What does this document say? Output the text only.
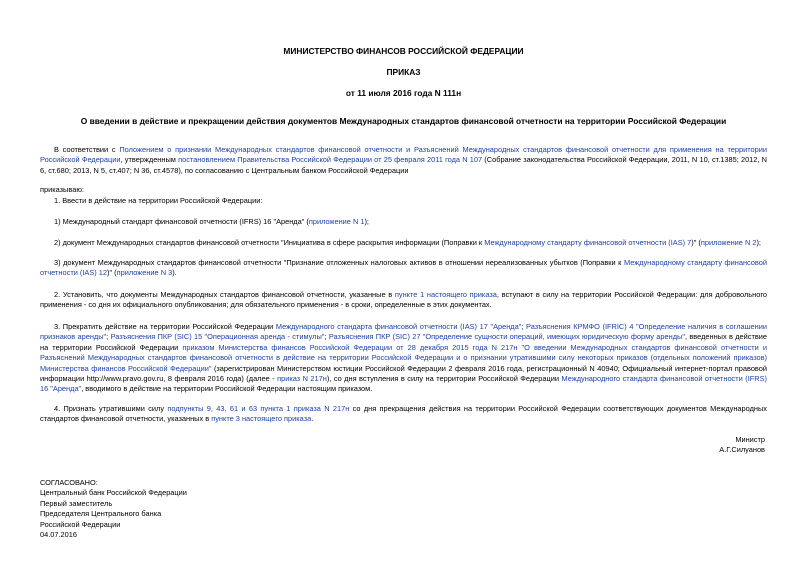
МИНИСТЕРСТВО ФИНАНСОВ РОССИЙСКОЙ ФЕДЕРАЦИИ
ПРИКАЗ
от 11 июля 2016 года N 111н
О введении в действие и прекращении действия документов Международных стандартов финансовой отчетности на территории Российской Федерации
В соответствии с Положением о признании Международных стандартов финансовой отчетности и Разъяснений Международных стандартов финансовой отчетности для применения на территории Российской Федерации, утвержденным постановлением Правительства Российской Федерации от 25 февраля 2011 года N 107 (Собрание законодательства Российской Федерации, 2011, N 10, ст.1385; 2012, N 6, ст.680; 2013, N 5, ст.407; N 36, ст.4578), по согласованию с Центральным банком Российской Федерации
приказываю:
1. Ввести в действие на территории Российской Федерации:
1) Международный стандарт финансовой отчетности (IFRS) 16 "Аренда" (приложение N 1);
2) документ Международных стандартов финансовой отчетности "Инициатива в сфере раскрытия информации (Поправки к Международному стандарту финансовой отчетности (IAS) 7)" (приложение N 2);
3) документ Международных стандартов финансовой отчетности "Признание отложенных налоговых активов в отношении нереализованных убытков (Поправки к Международному стандарту финансовой отчетности (IAS) 12)" (приложение N 3).
2. Установить, что документы Международных стандартов финансовой отчетности, указанные в пункте 1 настоящего приказа, вступают в силу на территории Российской Федерации: для добровольного применения - со дня их официального опубликования; для обязательного применения - в сроки, определенные в этих документах.
3. Прекратить действие на территории Российской Федерации Международного стандарта финансовой отчетности (IAS) 17 "Аренда"; Разъяснения КРМФО (IFRIC) 4 "Определение наличия в соглашении признаков аренды"; Разъяснения ПКР (SIC) 15 "Операционная аренда - стимулы"; Разъяснения ПКР (SIC) 27 "Определение сущности операций, имеющих юридическую форму аренды", введенных в действие на территории Российской Федерации приказом Министерства финансов Российской Федерации от 28 декабря 2015 года N 217н "О введении Международных стандартов финансовой отчетности и Разъяснений Международных стандартов финансовой отчетности в действие на территории Российской Федерации и о признании утратившими силу некоторых приказов (отдельных положений приказов) Министерства финансов Российской Федерации" (зарегистрирован Министерством юстиции Российской Федерации 2 февраля 2016 года, регистрационный N 40940; Официальный интернет-портал правовой информации http://www.pravo.gov.ru, 8 февраля 2016 года) (далее - приказ N 217н), со дня вступления в силу на территории Российской Федерации Международного стандарта финансовой отчетности (IFRS) 16 "Аренда", вводимого в действие на территории Российской Федерации настоящим приказом.
4. Признать утратившими силу подпункты 9, 43, 61 и 63 пункта 1 приказа N 217н со дня прекращения действия на территории Российской Федерации соответствующих документов Международных стандартов финансовой отчетности, указанных в пункте 3 настоящего приказа.
Министр
А.Г.Силуанов
СОГЛАСОВАНО:
Центральный банк Российской Федерации
Первый заместитель
Председателя Центрального банка
Российской Федерации
04.07.2016
